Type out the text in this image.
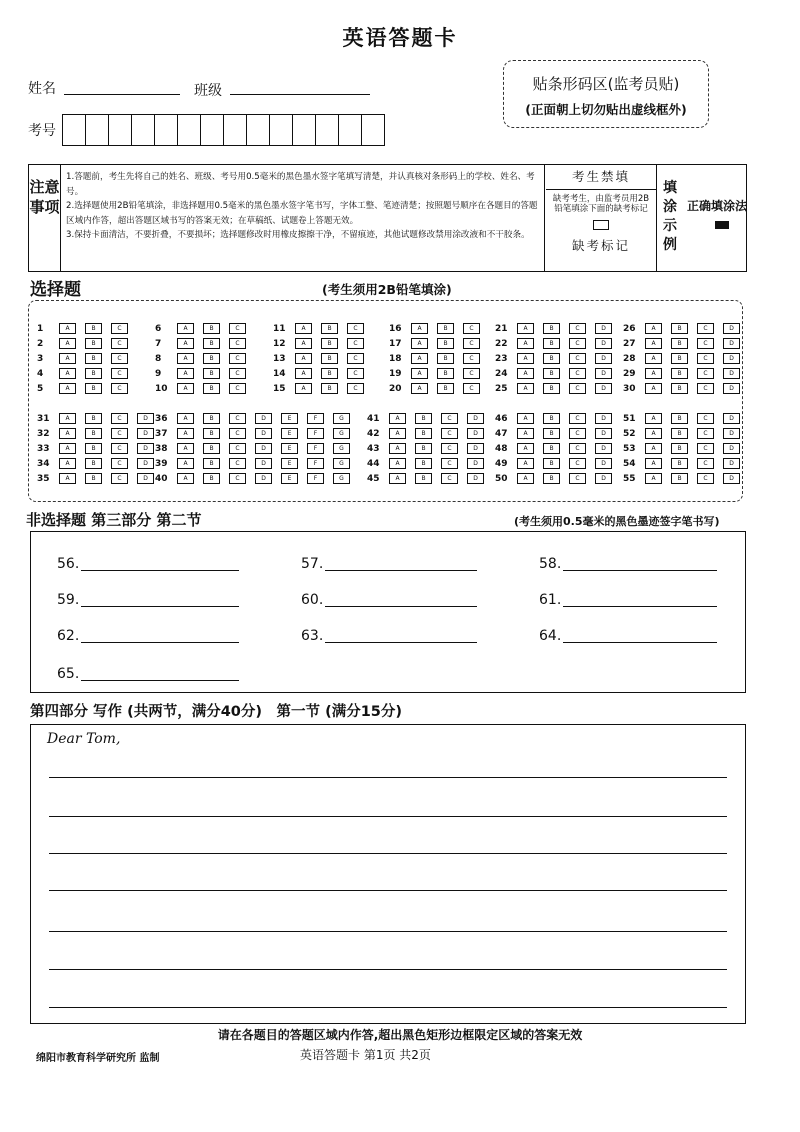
英语答题卡
姓名	班级
考号
贴条形码区(监考员贴)
(正面朝上切勿贴出虚线框外)
注意事项

1.答题前，考生先将自己的姓名、班级、考号用0.5毫米的黑色墨水签字笔填写清楚，并认真核对条形码上的学校、姓名、考号。

2.选择题使用2B铅笔填涂，非选择题用0.5毫米的黑色墨水签字笔书写，字体工整、笔迹清楚；按照题号顺序在各题目的答题区域内作答，超出答题区域书写的答案无效；在草稿纸、试题卷上答题无效。

3.保持卡面清洁，不要折叠，不要损坏；选择题修改时用橡皮擦擦干净，不留痕迹，其他试题修改禁用涂改液和不干胶条。

考生禁填
缺考考生，由监考员用2B铅笔填涂下面的缺考标记
缺考标记
填涂示例
正确填涂法
选择题	(考生须用2B铅笔填涂)
1	A	B	C
2	A	B	C
3	A	B	C
4	A	B	C
5	A	B	C
6	A	B	C
7	A	B	C
8	A	B	C
9	A	B	C
10	A	B	C
11	A	B	C
12	A	B	C
13	A	B	C
14	A	B	C
15	A	B	C
16	A	B	C
17	A	B	C
18	A	B	C
19	A	B	C
20	A	B	C
21	A	B	C	D
22	A	B	C	D
23	A	B	C	D
24	A	B	C	D
25	A	B	C	D
26	A	B	C	D
27	A	B	C	D
28	A	B	C	D
29	A	B	C	D
30	A	B	C	D
31	A	B	C	D
32	A	B	C	D
33	A	B	C	D
34	A	B	C	D
35	A	B	C	D
36	A	B	C	D	E	F	G
37	A	B	C	D	E	F	G
38	A	B	C	D	E	F	G
39	A	B	C	D	E	F	G
40	A	B	C	D	E	F	G
41	A	B	C	D
42	A	B	C	D
43	A	B	C	D
44	A	B	C	D
45	A	B	C	D
46	A	B	C	D
47	A	B	C	D
48	A	B	C	D
49	A	B	C	D
50	A	B	C	D
51	A	B	C	D
52	A	B	C	D
53	A	B	C	D
54	A	B	C	D
55	A	B	C	D
非选择题 第三部分 第二节	(考生须用0.5毫米的黑色墨迹签字笔书写)
56.	57.	58.
59.	60.	61.
62.	63.	64.
65.
第四部分 写作 (共两节，满分40分)　第一节 (满分15分)
Dear Tom,
请在各题目的答题区域内作答,超出黑色矩形边框限定区域的答案无效
绵阳市教育科学研究所 监制	英语答题卡 第1页 共2页
